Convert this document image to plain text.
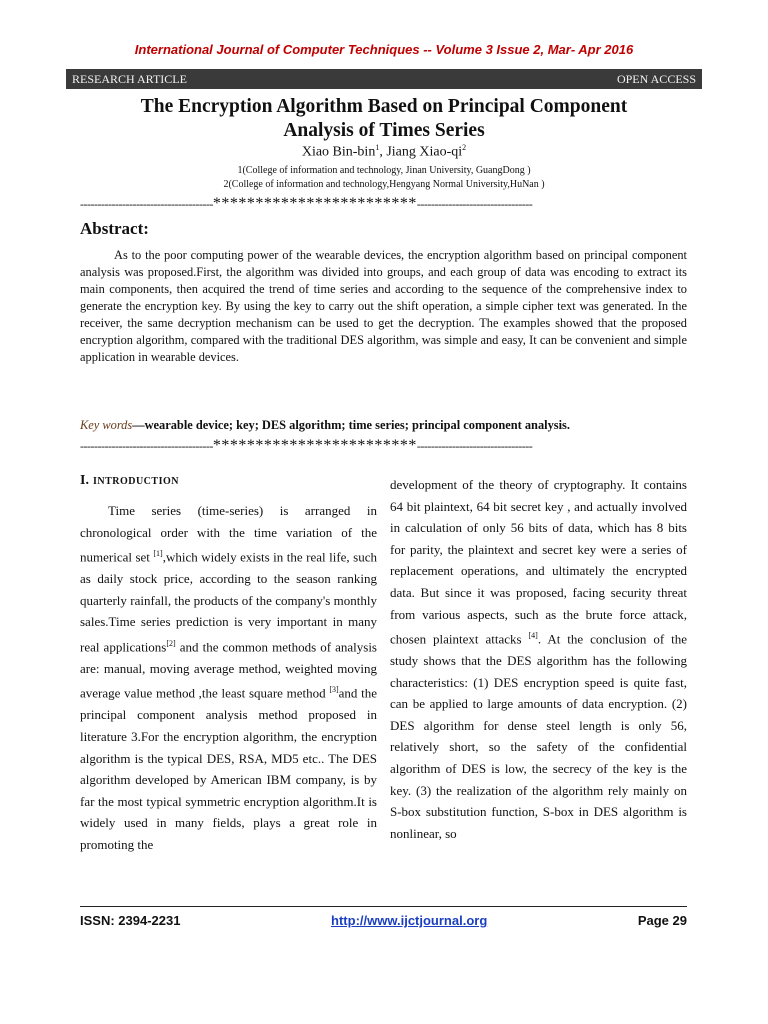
International Journal of Computer Techniques -- Volume 3 Issue 2, Mar- Apr 2016
RESEARCH ARTICLE	OPEN ACCESS
The Encryption Algorithm Based on Principal Component
Analysis of Times Series
Xiao Bin-bin$^1$, Jiang Xiao-$qi^2$
1(College of information and technology, Jinan University, GuangDong )
2(College of information and technology,Hengyang Normal University,HuNan )
--------------------------------------************************---------------------------------
Abstract:

As to the poor computing power of the wearable devices, the encryption algorithm based on principal component analysis was proposed.First, the algorithm was divided into groups, and each group of data was encoding to extract its main components, then acquired the trend of time series and according to the sequence of the comprehensive index to generate the encryption key. By using the key to carry out the shift operation, a simple cipher text was generated. In the receiver, the same decryption mechanism can be used to get the decryption. The examples showed that the proposed encryption algorithm, compared with the traditional DES algorithm, was simple and easy, It can be convenient and simple application in wearable devices.

Key words—wearable device; key; DES algorithm; time series; principal component analysis.

--------------------------------------************************---------------------------------
I. INTRODUCTION

Time series (time-series) is arranged in chronological order with the time variation of the numerical set [1],which widely exists in the real life, such as daily stock price, according to the season ranking quarterly rainfall, the products of the company's monthly sales.Time series prediction is very important in many real applications[2] and the common methods of analysis are: manual, moving average method, weighted moving average value method ,the least square method [3]and the principal component analysis method proposed in literature 3.For the encryption algorithm, the encryption algorithm is the typical DES, RSA, MD5 etc.. The DES algorithm developed by American IBM company, is by far the most typical symmetric encryption algorithm.It is widely used in many fields, plays a great role in promoting the

development of the theory of cryptography. It contains 64 bit plaintext, 64 bit secret key , and actually involved in calculation of only 56 bits of data, which has 8 bits for parity, the plaintext and secret key were a series of replacement operations, and ultimately the encrypted data. But since it was proposed, facing security threat from various aspects, such as the brute force attack, chosen plaintext attacks [4]. At the conclusion of the study shows that the DES algorithm has the following characteristics: (1) DES encryption speed is quite fast, can be applied to large amounts of data encryption. (2) DES algorithm for dense steel length is only 56, relatively short, so the safety of the confidential algorithm of DES is low, the secrecy of the key is the key. (3) the realization of the algorithm rely mainly on S-box substitution function, S-box in DES algorithm is nonlinear, so

ISSN: 2394-2231	http://www.ijctjournal.org	Page 29
